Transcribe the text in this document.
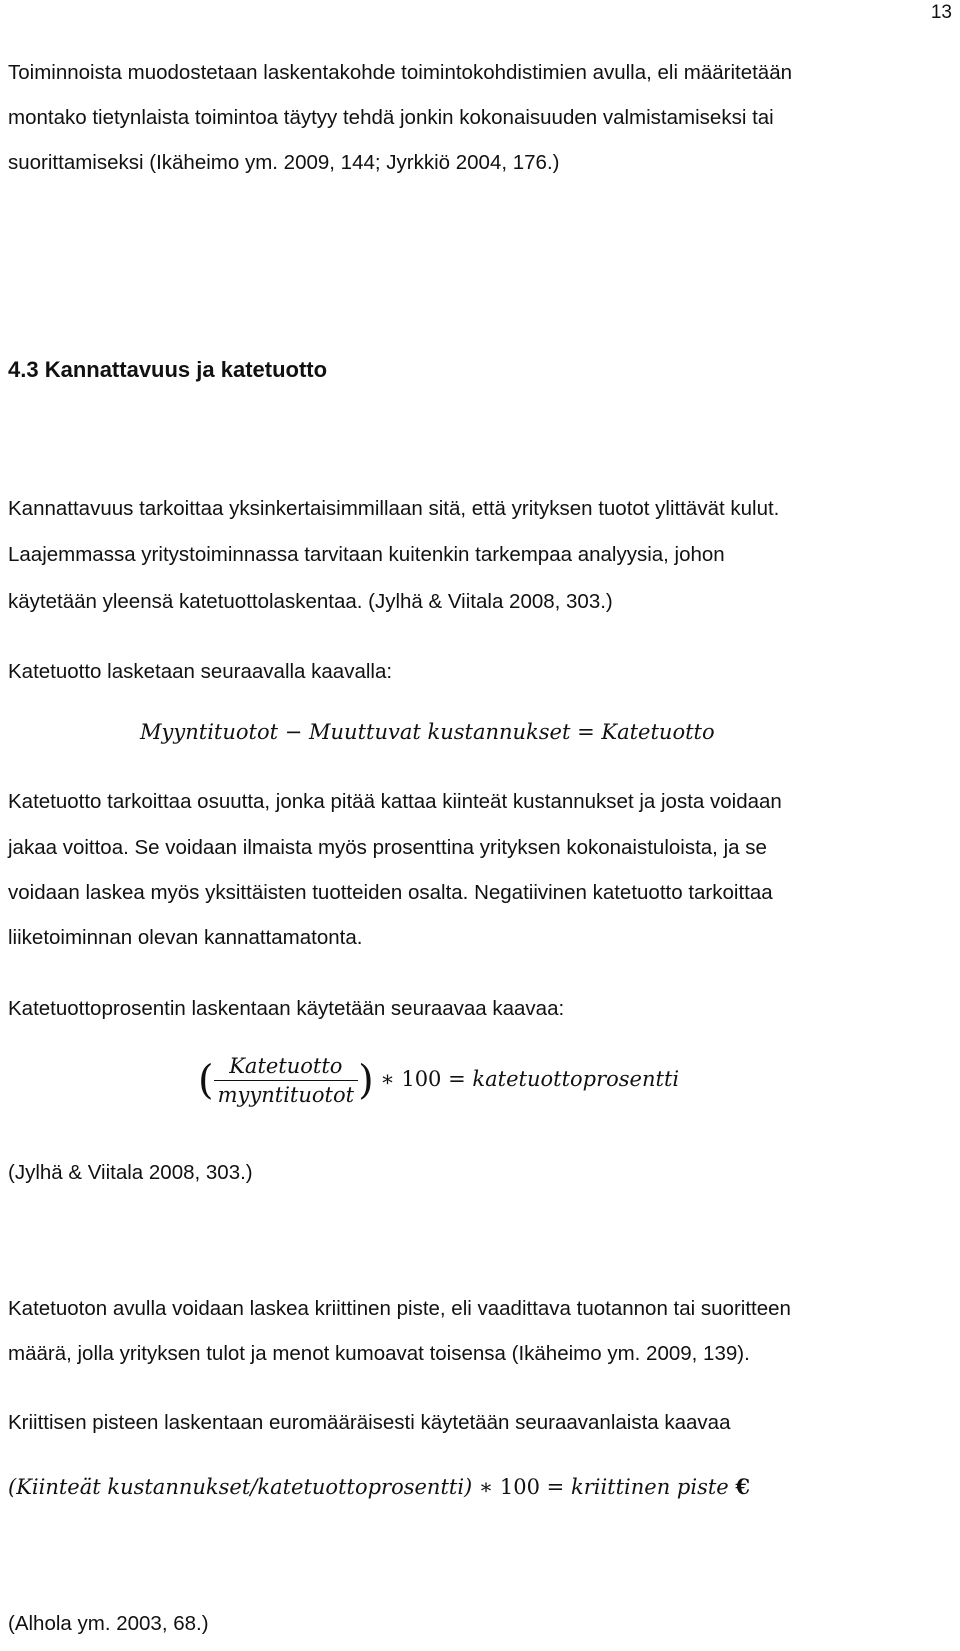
13

Toiminnoista muodostetaan laskentakohde toimintokohdistimien avulla, eli määritetään

montako tietynlaista toimintoa täytyy tehdä jonkin kokonaisuuden valmistamiseksi tai

suorittamiseksi (Ikäheimo ym. 2009, 144; Jyrkkiö 2004, 176.)

4.3 Kannattavuus ja katetuotto

Kannattavuus tarkoittaa yksinkertaisimmillaan sitä, että yrityksen tuotot ylittävät kulut.

Laajemmassa yritystoiminnassa tarvitaan kuitenkin tarkempaa analyysia, johon

käytetään yleensä katetuottolaskentaa. (Jylhä & Viitala 2008, 303.)

Katetuotto lasketaan seuraavalla kaavalla:

Myyntituotot − Muuttuvat kustannukset = Katetuotto

Katetuotto tarkoittaa osuutta, jonka pitää kattaa kiinteät kustannukset ja josta voidaan

jakaa voittoa. Se voidaan ilmaista myös prosenttina yrityksen kokonaistuloista, ja se

voidaan laskea myös yksittäisten tuotteiden osalta. Negatiivinen katetuotto tarkoittaa

liiketoiminnan olevan kannattamatonta.

Katetuottoprosentin laskentaan käytetään seuraavaa kaavaa:

( $\frac{\text{Katetuotto}}{\text{myyntituotot}}$ ) ∗ 100 = katetuottoprosentti

(Jylhä & Viitala 2008, 303.)

Katetuoton avulla voidaan laskea kriittinen piste, eli vaadittava tuotannon tai suoritteen

määrä, jolla yrityksen tulot ja menot kumoavat toisensa (Ikäheimo ym. 2009, 139).

Kriittisen pisteen laskentaan euromääräisesti käytetään seuraavanlaista kaavaa

(Kiinteät kustannukset/katetuottoprosentti) ∗ 100 = kriittinen piste €

(Alhola ym. 2003, 68.)
